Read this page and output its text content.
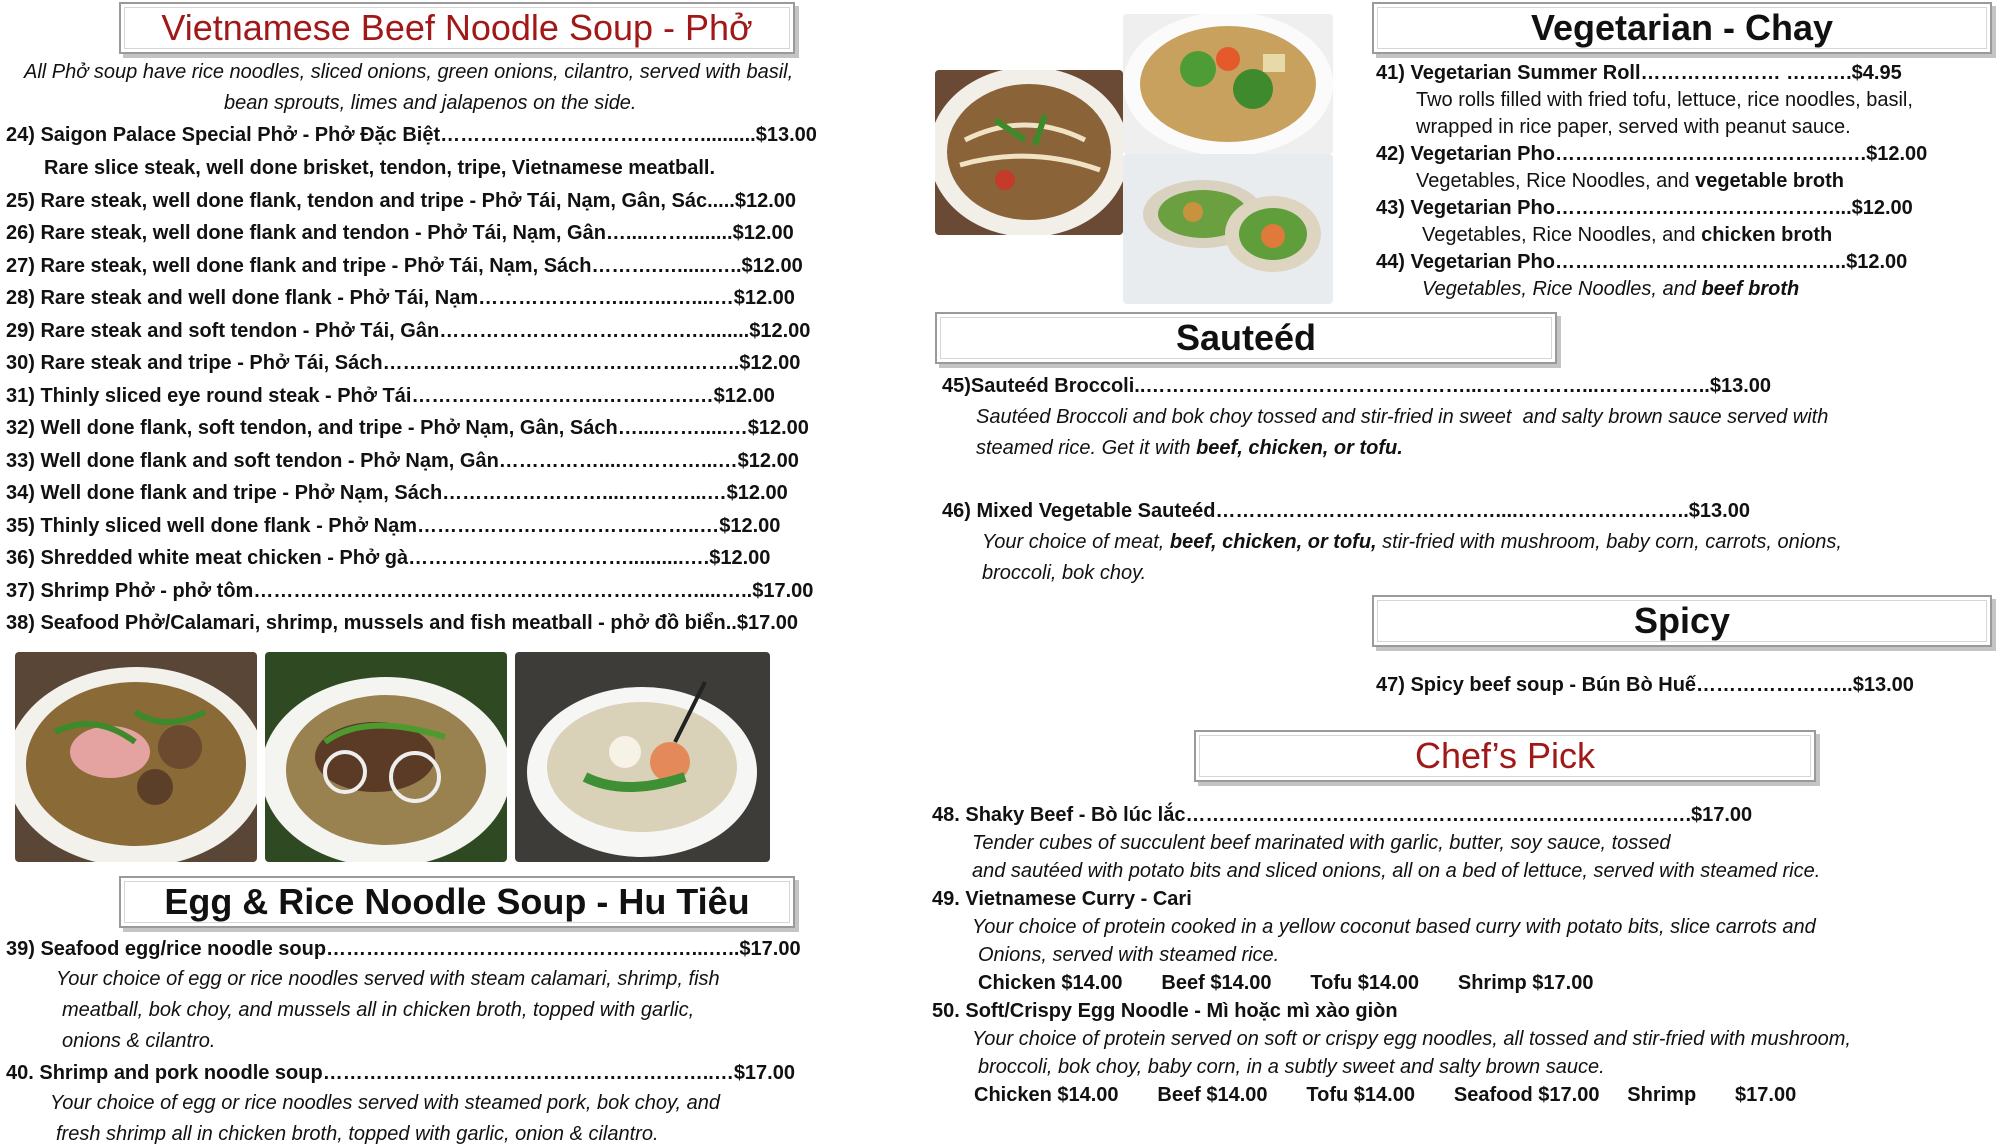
Vietnamese Beef Noodle Soup - Phở
All Phở soup have rice noodles, sliced onions, green onions, cilantro, served with basil,
bean sprouts, limes and jalapenos on the side.
24) Saigon Palace Special Phở - Phở Đặc Biệt…………………………………..........$13.00
Rare slice steak, well done brisket, tendon, tripe, Vietnamese meatball.
25) Rare steak, well done flank, tendon and tripe - Phở Tái, Nạm, Gân, Sác.....$12.00
26) Rare steak, well done flank and tendon - Phở Tái, Nạm, Gân…....……........$12.00
27) Rare steak, well done flank and tripe - Phở Tái, Nạm, Sách……….…......…..$12.00
28) Rare steak and well done flank - Phở Tái, Nạm…………………...…...…....…$12.00
29) Rare steak and soft tendon - Phở Tái, Gân……………………………….…........$12.00
30) Rare steak and tripe - Phở Tái, Sách……………………………………….……..$12.00
31) Thinly sliced eye round steak - Phở Tái………………………..…….…….…$12.00
32) Well done flank, soft tendon, and tripe - Phở Nạm, Gân, Sách…....…….....…$12.00
33) Well done flank and soft tendon - Phở Nạm, Gân……………....…………...…$12.00
34) Well done flank and tripe - Phở Nạm, Sách……………………....….……...…$12.00
35) Thinly sliced well done flank - Phở Nạm……………………………..……..…$12.00
36) Shredded white meat chicken - Phở gà……………………………..........….$12.00
37) Shrimp Phở - phở tôm………………………………………………………….....…..$17.00
38) Seafood Phở/Calamari, shrimp, mussels and fish meatball - phở đồ biển..$17.00
Egg & Rice Noodle Soup - Hu Tiêu
39) Seafood egg/rice noodle soup…………………………………………….…...…..$17.00
Your choice of egg or rice noodles served with steam calamari, shrimp, fish
meatball, bok choy, and mussels all in chicken broth, topped with garlic,
onions & cilantro.
40. Shrimp and pork noodle soup…………………………………………………..…$17.00
Your choice of egg or rice noodles served with steamed pork, bok choy, and
fresh shrimp all in chicken broth, topped with garlic, onion & cilantro.
Vegetarian - Chay
41) Vegetarian Summer Roll………………… ……….$4.95
Two rolls filled with fried tofu, lettuce, rice noodles, basil,
wrapped in rice paper, served with peanut sauce.
42) Vegetarian Pho…………………………………….….$12.00
Vegetables, Rice Noodles, and vegetable broth
43) Vegetarian Pho……………………………………...$12.00
Vegetables, Rice Noodles, and chicken broth
44) Vegetarian Pho……………………………………..$12.00
Vegetables, Rice Noodles, and beef broth
Sauteéd
45)Sauteéd Broccoli..…………………………………………...……………...……………..$13.00
Sautéed Broccoli and bok choy tossed and stir-fried in sweet  and salty brown sauce served with
steamed rice. Get it with beef, chicken, or tofu.
46) Mixed Vegetable Sauteéd……………………………………....……………………..$13.00
Your choice of meat, beef, chicken, or tofu, stir-fried with mushroom, baby corn, carrots, onions,
broccoli, bok choy.
Spicy
47) Spicy beef soup - Bún Bò Huế…………………...$13.00
Chef’s Pick
48. Shaky Beef - Bò lúc lắc………………………………………………………………….$17.00
Tender cubes of succulent beef marinated with garlic, butter, soy sauce, tossed
and sautéed with potato bits and sliced onions, all on a bed of lettuce, served with steamed rice.
49. Vietnamese Curry - Cari
Your choice of protein cooked in a yellow coconut based curry with potato bits, slice carrots and
Onions, served with steamed rice.
Chicken $14.00       Beef $14.00       Tofu $14.00       Shrimp $17.00
50. Soft/Crispy Egg Noodle - Mì hoặc mì xào giòn
Your choice of protein served on soft or crispy egg noodles, all tossed and stir-fried with mushroom,
broccoli, bok choy, baby corn, in a subtly sweet and salty brown sauce.
Chicken $14.00       Beef $14.00       Tofu $14.00       Seafood $17.00     Shrimp       $17.00
